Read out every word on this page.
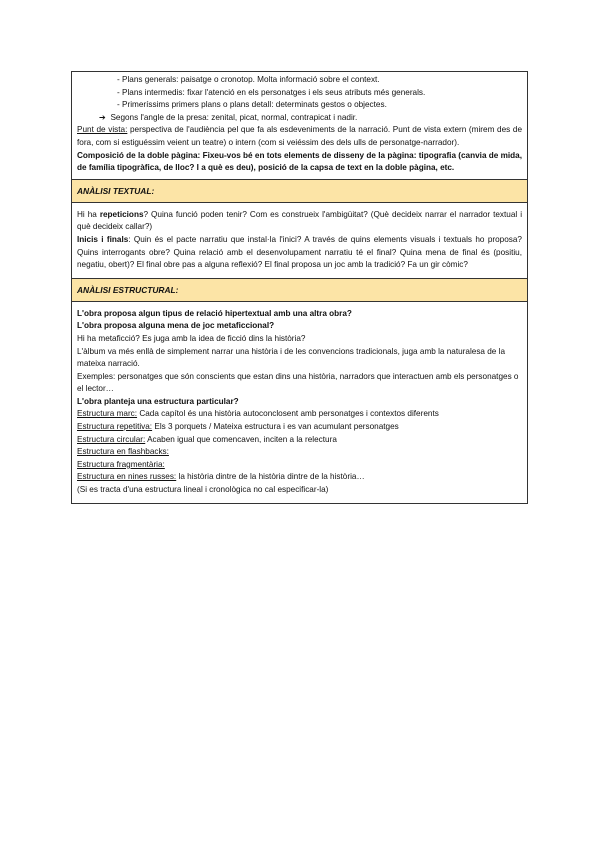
- Plans generals: paisatge o cronotop. Molta informació sobre el context.

- Plans intermedis: fixar l'atenció en els personatges i els seus atributs més generals.

- Primeríssims primers plans o plans detall: determinats gestos o objectes.

➔ Segons l'angle de la presa: zenital, picat, normal, contrapicat i nadir.

Punt de vista: perspectiva de l'audiència pel que fa als esdeveniments de la narració. Punt de vista extern (mirem des de fora, com si estiguéssim veient un teatre) o intern (com si veiéssim des dels ulls de personatge-narrador).

Composició de la doble pàgina: Fixeu-vos bé en tots elements de disseny de la pàgina: tipografia (canvia de mida, de família tipogràfica, de lloc? I a què es deu), posició de la capsa de text en la doble pàgina, etc.

ANÀLISI TEXTUAL:

Hi ha repeticions? Quina funció poden tenir? Com es construeix l'ambigüitat? (Què decideix narrar el narrador textual i què decideix callar?)

Inicis i finals: Quin és el pacte narratiu que instal·la l'inici? A través de quins elements visuals i textuals ho proposa? Quins interrogants obre? Quina relació amb el desenvolupament narratiu té el final? Quina mena de final és (positiu, negatiu, obert)? El final obre pas a alguna reflexió? El final proposa un joc amb la tradició? Fa un gir còmic?

ANÀLISI ESTRUCTURAL:

L'obra proposa algun tipus de relació hipertextual amb una altra obra?

L'obra proposa alguna mena de joc metaficcional?

Hi ha metaficció? Es juga amb la idea de ficció dins la història?

L'àlbum va més enllà de simplement narrar una història i de les convencions tradicionals, juga amb la naturalesa de la mateixa narració.

Exemples: personatges que són conscients que estan dins una història, narradors que interactuen amb els personatges o el lector…

L'obra planteja una estructura particular?

Estructura marc: Cada capítol és una història autoconclosent amb personatges i contextos diferents

Estructura repetitiva: Els 3 porquets / Mateixa estructura i es van acumulant personatges

Estructura circular: Acaben igual que comencaven, inciten a la relectura

Estructura en flashbacks:

Estructura fragmentària:

Estructura en nines russes: la història dintre de la història dintre de la història…

(Si es tracta d'una estructura lineal i cronològica no cal especificar-la)
